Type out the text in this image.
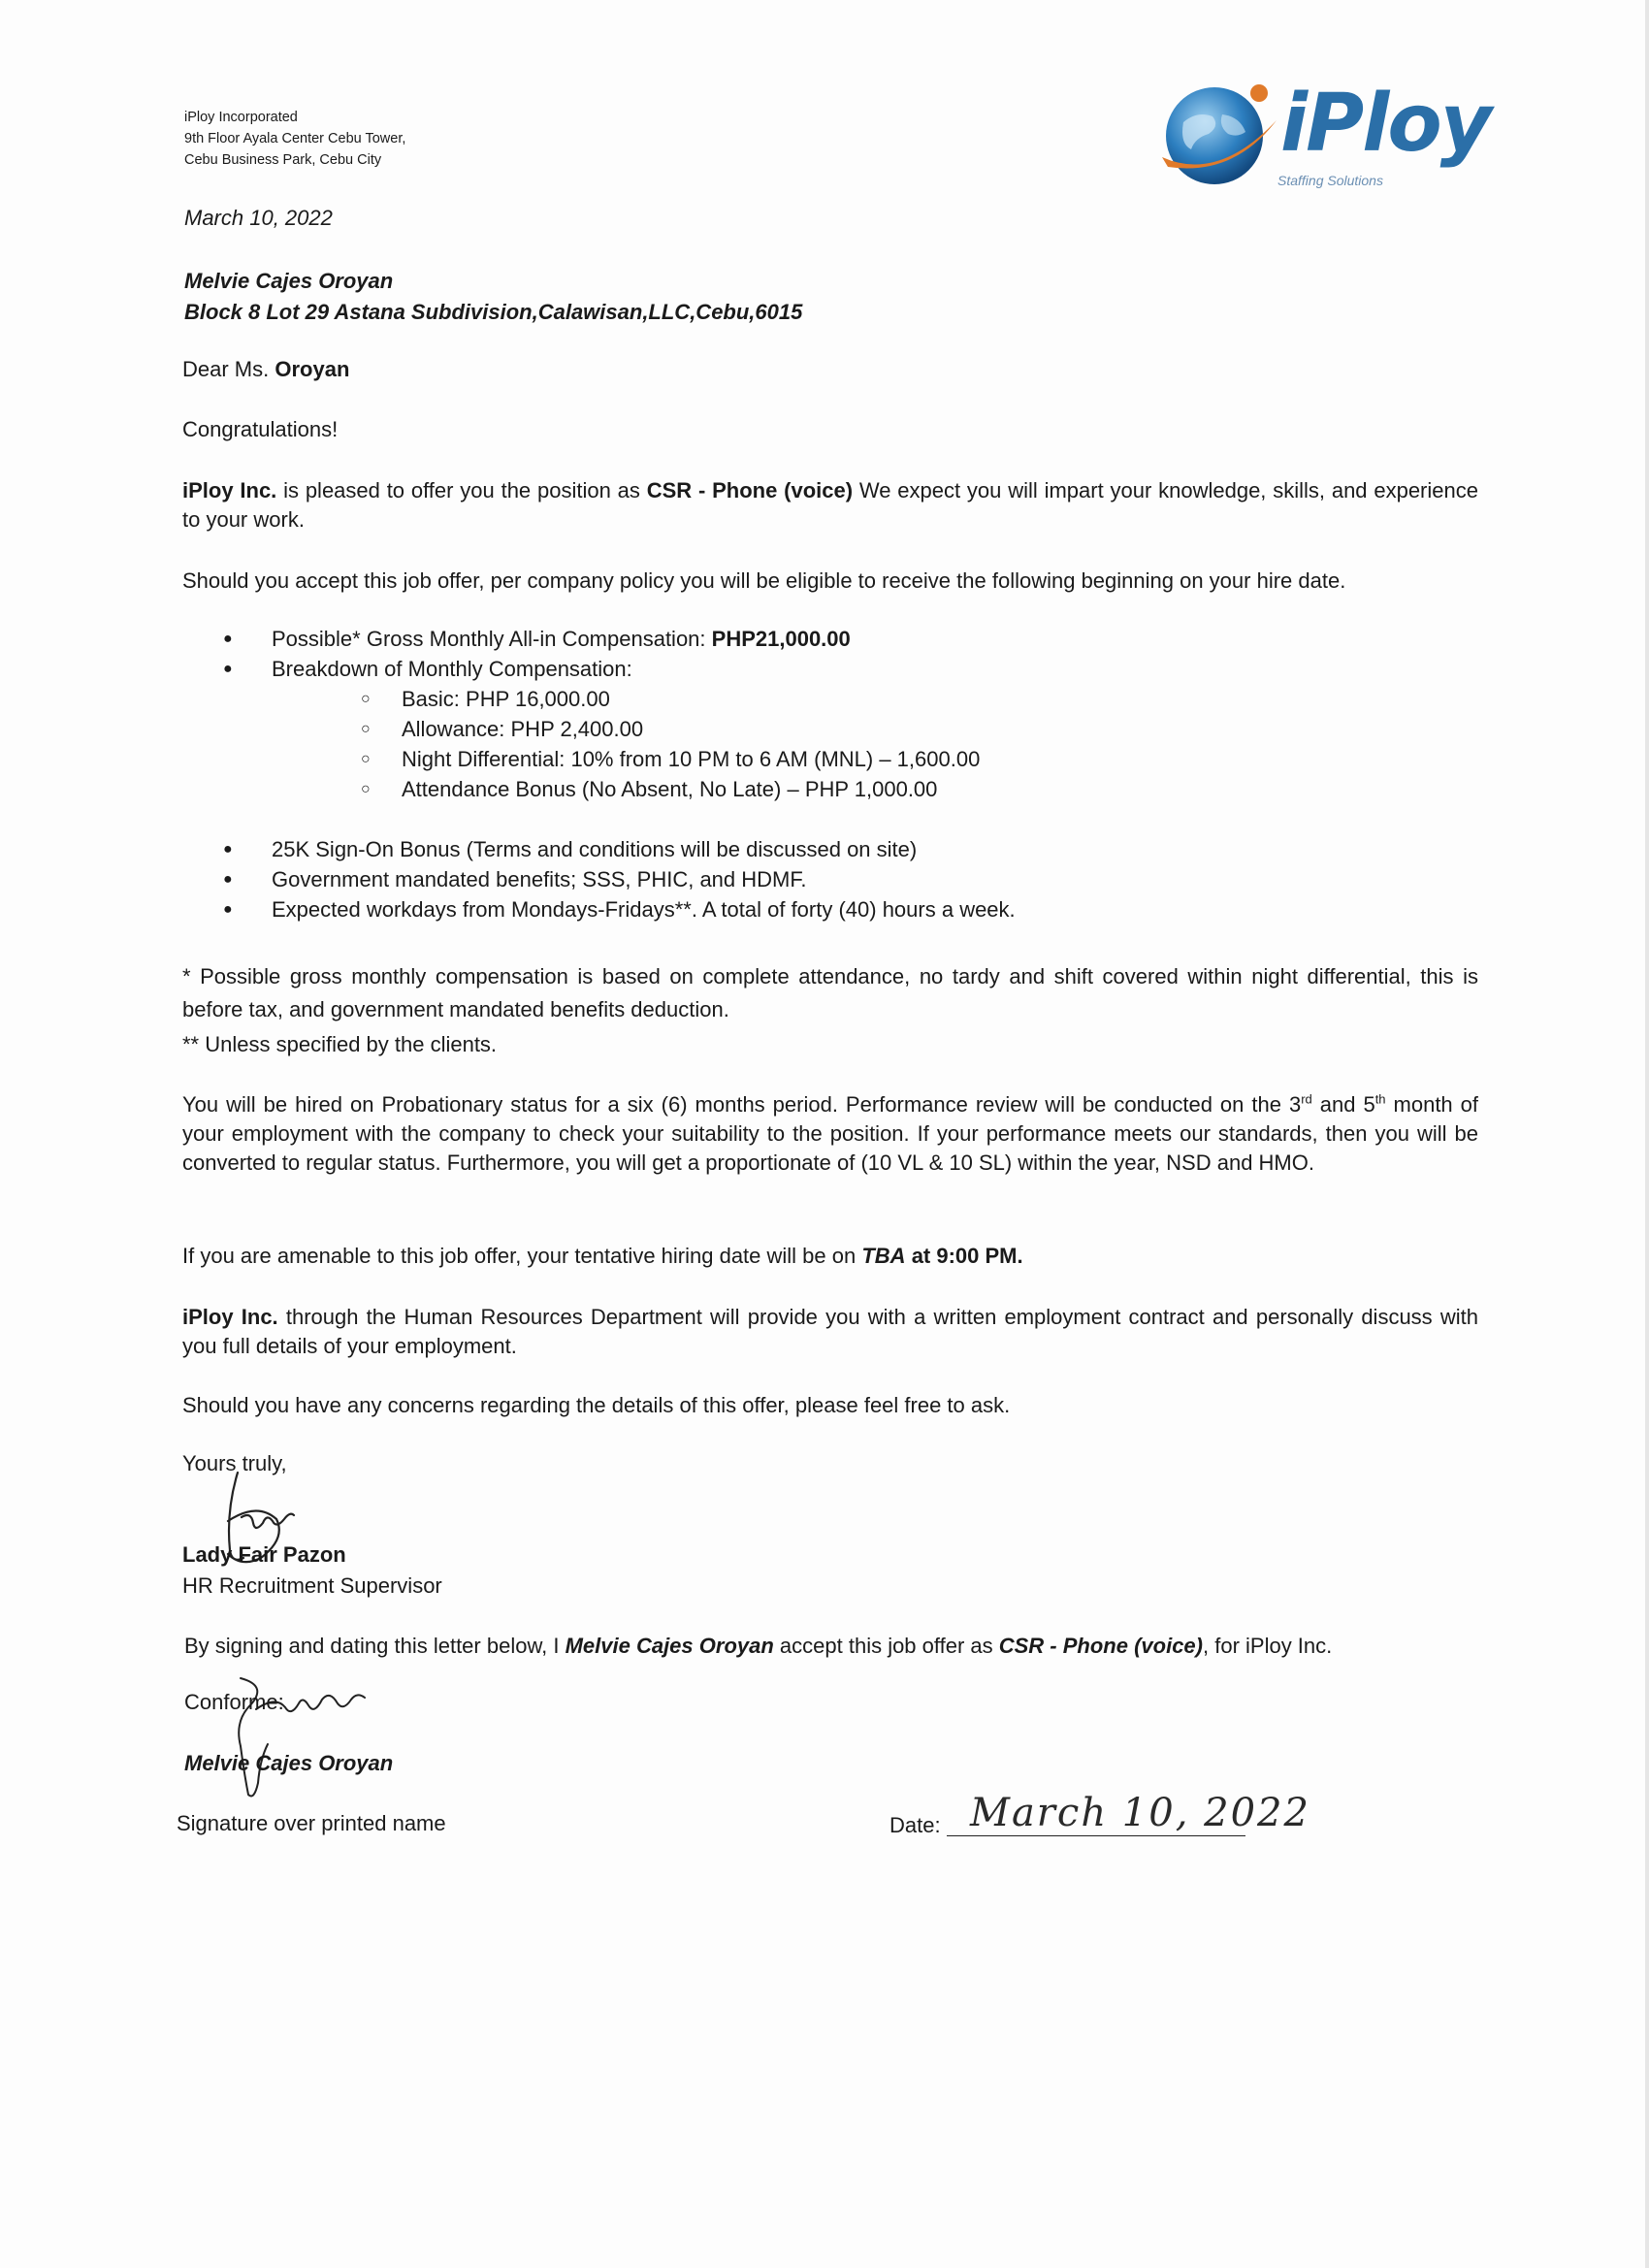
iPloy Incorporated
9th Floor Ayala Center Cebu Tower,
Cebu Business Park, Cebu City	iPloy
Staffing Solutions
March 10, 2022
Melvie Cajes Oroyan
Block 8 Lot 29 Astana Subdivision,Calawisan,LLC,Cebu,6015
Dear Ms. Oroyan
Congratulations!
iPloy Inc. is pleased to offer you the position as CSR - Phone (voice) We expect you will impart your knowledge, skills, and experience to your work.
Should you accept this job offer, per company policy you will be eligible to receive the following beginning on your hire date.
● Possible* Gross Monthly All-in Compensation: PHP21,000.00
● Breakdown of Monthly Compensation:
○ Basic: PHP 16,000.00
○ Allowance: PHP 2,400.00
○ Night Differential: 10% from 10 PM to 6 AM (MNL) – 1,600.00
○ Attendance Bonus (No Absent, No Late) – PHP 1,000.00
● 25K Sign-On Bonus (Terms and conditions will be discussed on site)
● Government mandated benefits; SSS, PHIC, and HDMF.
● Expected workdays from Mondays-Fridays**. A total of forty (40) hours a week.
* Possible gross monthly compensation is based on complete attendance, no tardy and shift covered within night differential, this is before tax, and government mandated benefits deduction.
** Unless specified by the clients.
You will be hired on Probationary status for a six (6) months period. Performance review will be conducted on the 3rd and 5th month of your employment with the company to check your suitability to the position. If your performance meets our standards, then you will be converted to regular status. Furthermore, you will get a proportionate of (10 VL & 10 SL) within the year, NSD and HMO.
If you are amenable to this job offer, your tentative hiring date will be on TBA at 9:00 PM.
iPloy Inc. through the Human Resources Department will provide you with a written employment contract and personally discuss with you full details of your employment.
Should you have any concerns regarding the details of this offer, please feel free to ask.
Yours truly,
Lady Fair Pazon
HR Recruitment Supervisor
By signing and dating this letter below, I Melvie Cajes Oroyan accept this job offer as CSR - Phone (voice), for iPloy Inc.
Conforme:
Melvie Cajes Oroyan
Signature over printed name	Date: March 10, 2022
